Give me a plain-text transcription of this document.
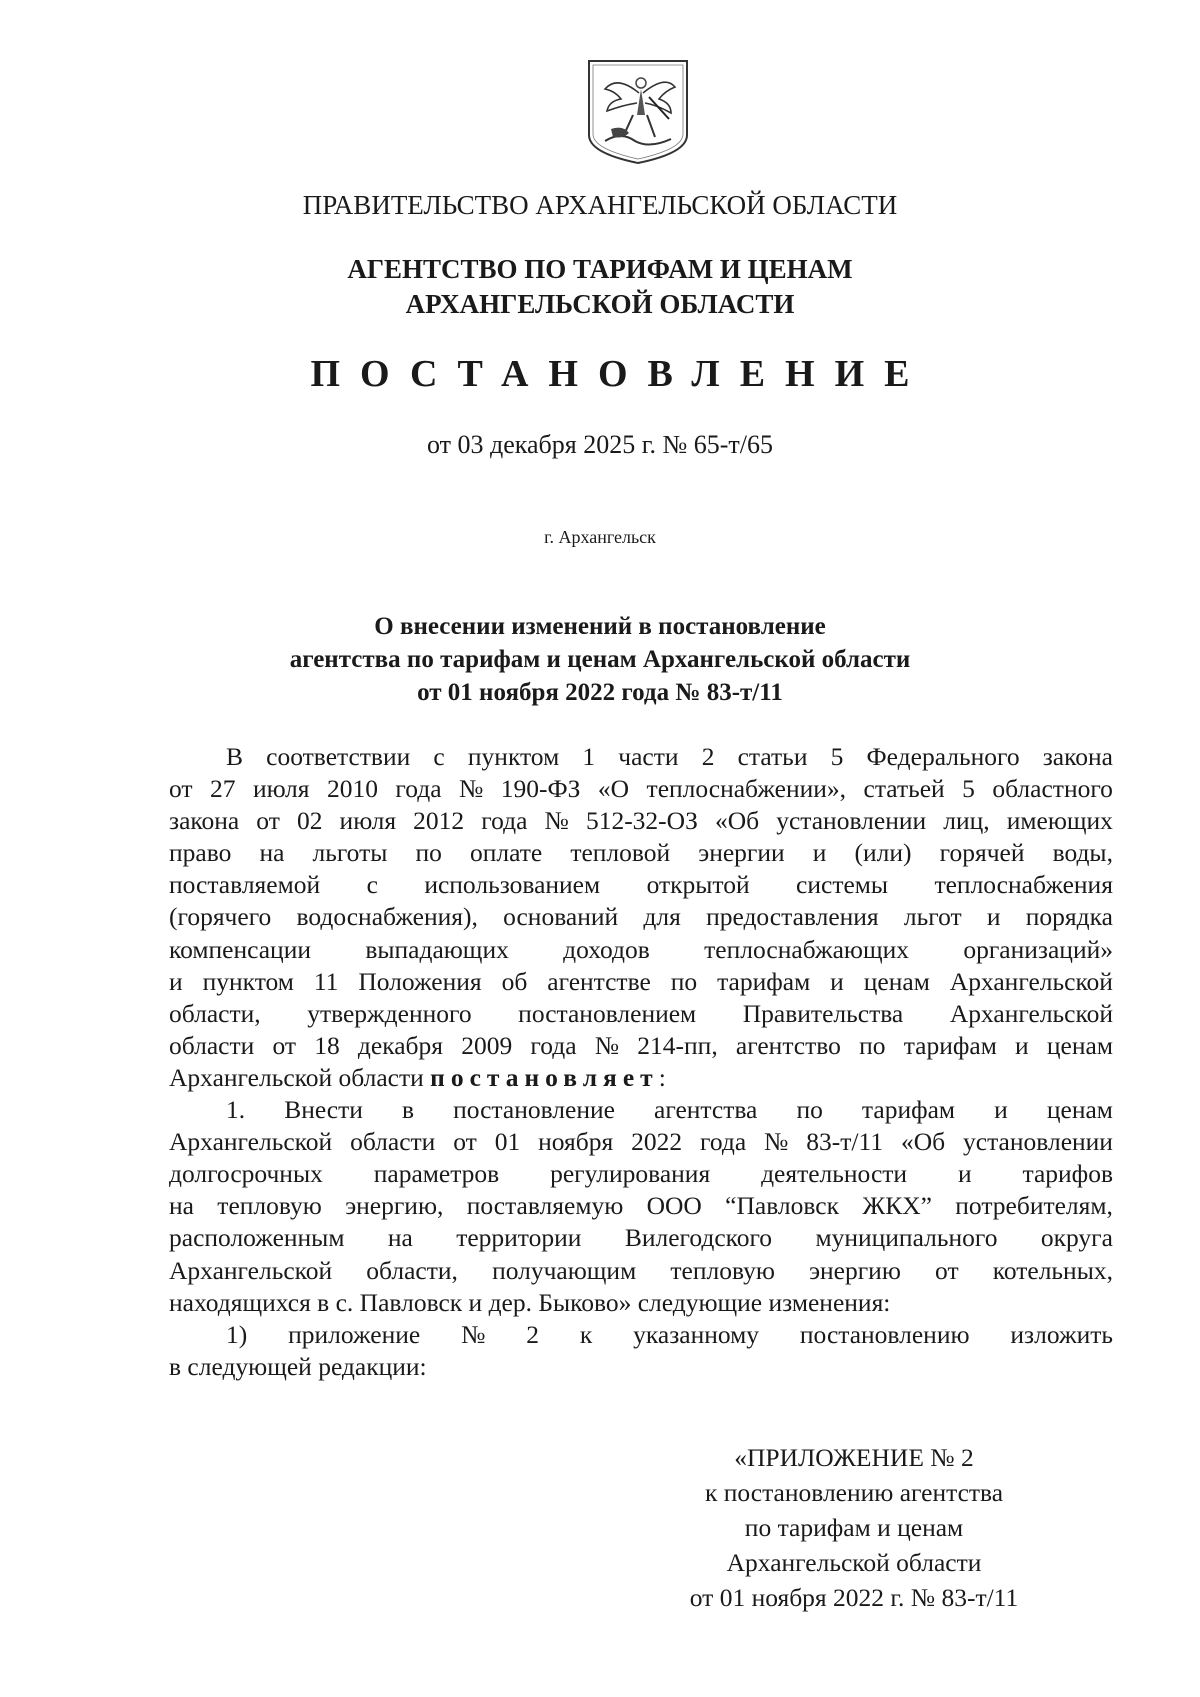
ПРАВИТЕЛЬСТВО АРХАНГЕЛЬСКОЙ ОБЛАСТИ
АГЕНТСТВО ПО ТАРИФАМ И ЦЕНАМ
АРХАНГЕЛЬСКОЙ ОБЛАСТИ
ПОСТАНОВЛЕНИЕ
от 03 декабря 2025 г. № 65-т/65
г. Архангельск
О внесении изменений в постановление
агентства по тарифам и ценам Архангельской области
от 01 ноября 2022 года № 83-т/11
В соответствии с пунктом 1 части 2 статьи 5 Федерального закона
от 27 июля 2010 года № 190-ФЗ «О теплоснабжении», статьей 5 областного
закона от 02 июля 2012 года № 512-32-ОЗ «Об установлении лиц, имеющих
право на льготы по оплате тепловой энергии и (или) горячей воды,
поставляемой с использованием открытой системы теплоснабжения
(горячего водоснабжения), оснований для предоставления льгот и порядка
компенсации выпадающих доходов теплоснабжающих организаций»
и пунктом 11 Положения об агентстве по тарифам и ценам Архангельской
области, утвержденного постановлением Правительства Архангельской
области от 18 декабря 2009 года № 214-пп, агентство по тарифам и ценам
Архангельской области
постановляет :
1. Внести в постановление агентства по тарифам и ценам
Архангельской области от 01 ноября 2022 года № 83-т/11 «Об установлении
долгосрочных параметров регулирования деятельности и тарифов
на тепловую энергию, поставляемую ООО “Павловск ЖКХ” потребителям,
расположенным на территории Вилегодского муниципального округа
Архангельской области, получающим тепловую энергию от котельных,
находящихся в с. Павловск и дер. Быково» следующие изменения:
1) приложение № 2 к указанному постановлению изложить
в следующей редакции:
«ПРИЛОЖЕНИЕ № 2
к постановлению агентства
по тарифам и ценам
Архангельской области
от 01 ноября 2022 г. № 83-т/11
